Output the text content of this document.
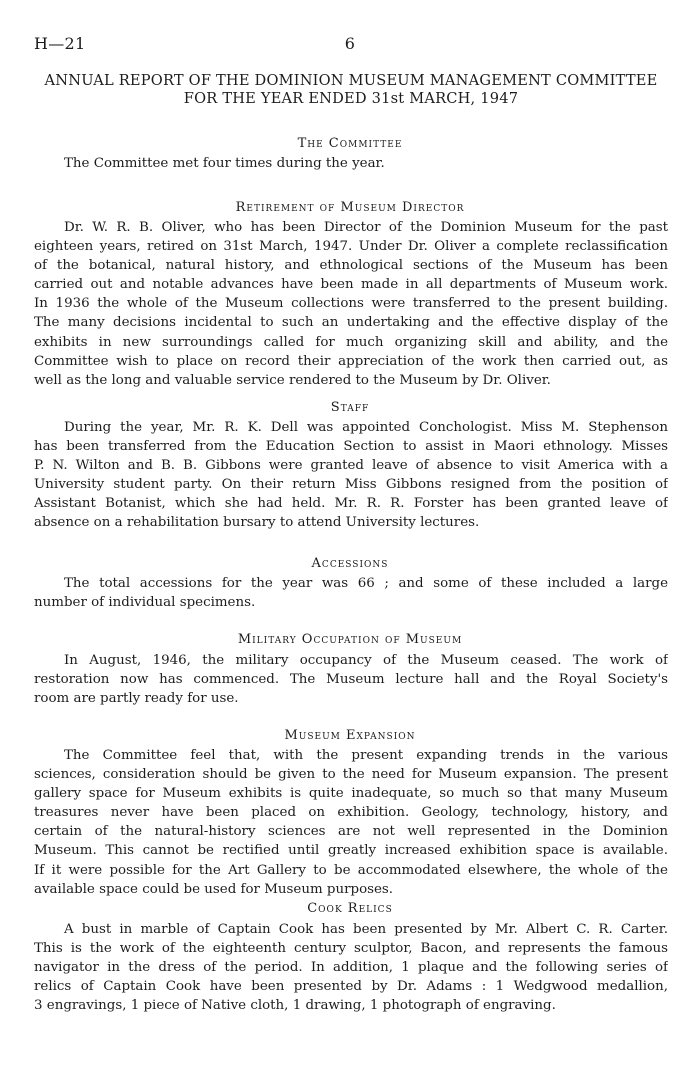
H—21	6
ANNUAL REPORT OF THE DOMINION MUSEUM MANAGEMENT COMMITTEE
FOR THE YEAR ENDED 31st MARCH, 1947
The Committee
The Committee met four times during the year.
Retirement of Museum Director
Dr. W. R. B. Oliver, who has been Director of the Dominion Museum for the past
eighteen years, retired on 31st March, 1947. Under Dr. Oliver a complete reclassification
of the botanical, natural history, and ethnological sections of the Museum has been
carried out and notable advances have been made in all departments of Museum work.
In 1936 the whole of the Museum collections were transferred to the present building.
The many decisions incidental to such an undertaking and the effective display of the
exhibits in new surroundings called for much organizing skill and ability, and the
Committee wish to place on record their appreciation of the work then carried out, as
well as the long and valuable service rendered to the Museum by Dr. Oliver.
Staff
During the year, Mr. R. K. Dell was appointed Conchologist. Miss M. Stephenson
has been transferred from the Education Section to assist in Maori ethnology. Misses
P. N. Wilton and B. B. Gibbons were granted leave of absence to visit America with a
University student party. On their return Miss Gibbons resigned from the position of
Assistant Botanist, which she had held. Mr. R. R. Forster has been granted leave of
absence on a rehabilitation bursary to attend University lectures.
Accessions
The total accessions for the year was 66 ; and some of these included a large
number of individual specimens.
Military Occupation of Museum
In August, 1946, the military occupancy of the Museum ceased. The work of
restoration now has commenced. The Museum lecture hall and the Royal Society's
room are partly ready for use.
Museum Expansion
The Committee feel that, with the present expanding trends in the various
sciences, consideration should be given to the need for Museum expansion. The present
gallery space for Museum exhibits is quite inadequate, so much so that many Museum
treasures never have been placed on exhibition. Geology, technology, history, and
certain of the natural-history sciences are not well represented in the Dominion
Museum. This cannot be rectified until greatly increased exhibition space is available.
If it were possible for the Art Gallery to be accommodated elsewhere, the whole of the
available space could be used for Museum purposes.
Cook Relics
A bust in marble of Captain Cook has been presented by Mr. Albert C. R. Carter.
This is the work of the eighteenth century sculptor, Bacon, and represents the famous
navigator in the dress of the period. In addition, 1 plaque and the following series of
relics of Captain Cook have been presented by Dr. Adams : 1 Wedgwood medallion,
3 engravings, 1 piece of Native cloth, 1 drawing, 1 photograph of engraving.
